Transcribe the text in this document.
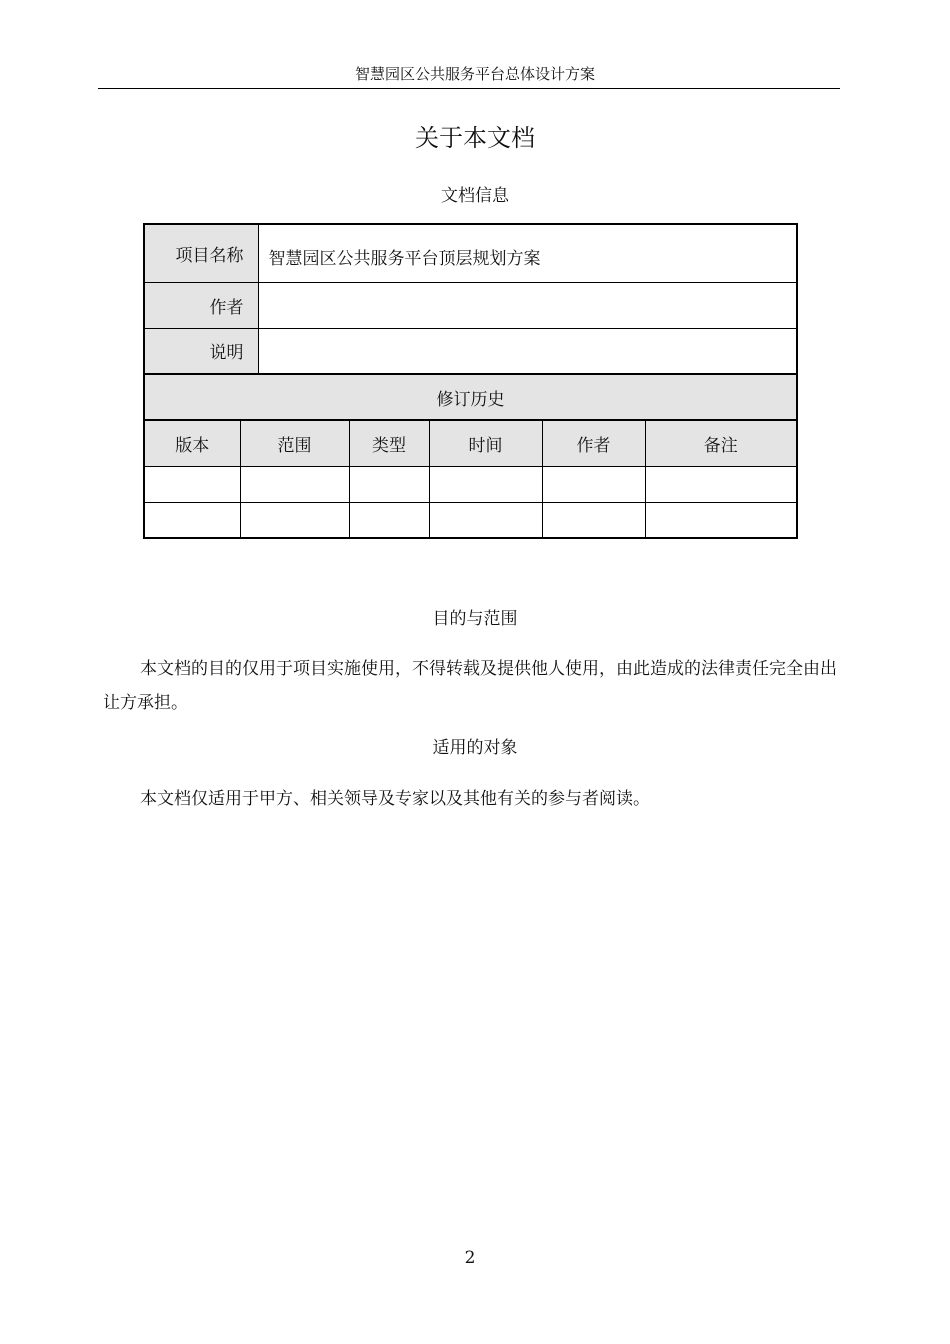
智慧园区公共服务平台总体设计方案
关于本文档
文档信息
项目名称		智慧园区公共服务平台顶层规划方案				
作者						
说明						
修订历史						
版本	范围		类型	时间	作者	备注

目的与范围

本文档的目的仅用于项目实施使用，不得转载及提供他人使用，由此造成的法律责任完全由出让方承担。

适用的对象

本文档仅适用于甲方、相关领导及专家以及其他有关的参与者阅读。

2
